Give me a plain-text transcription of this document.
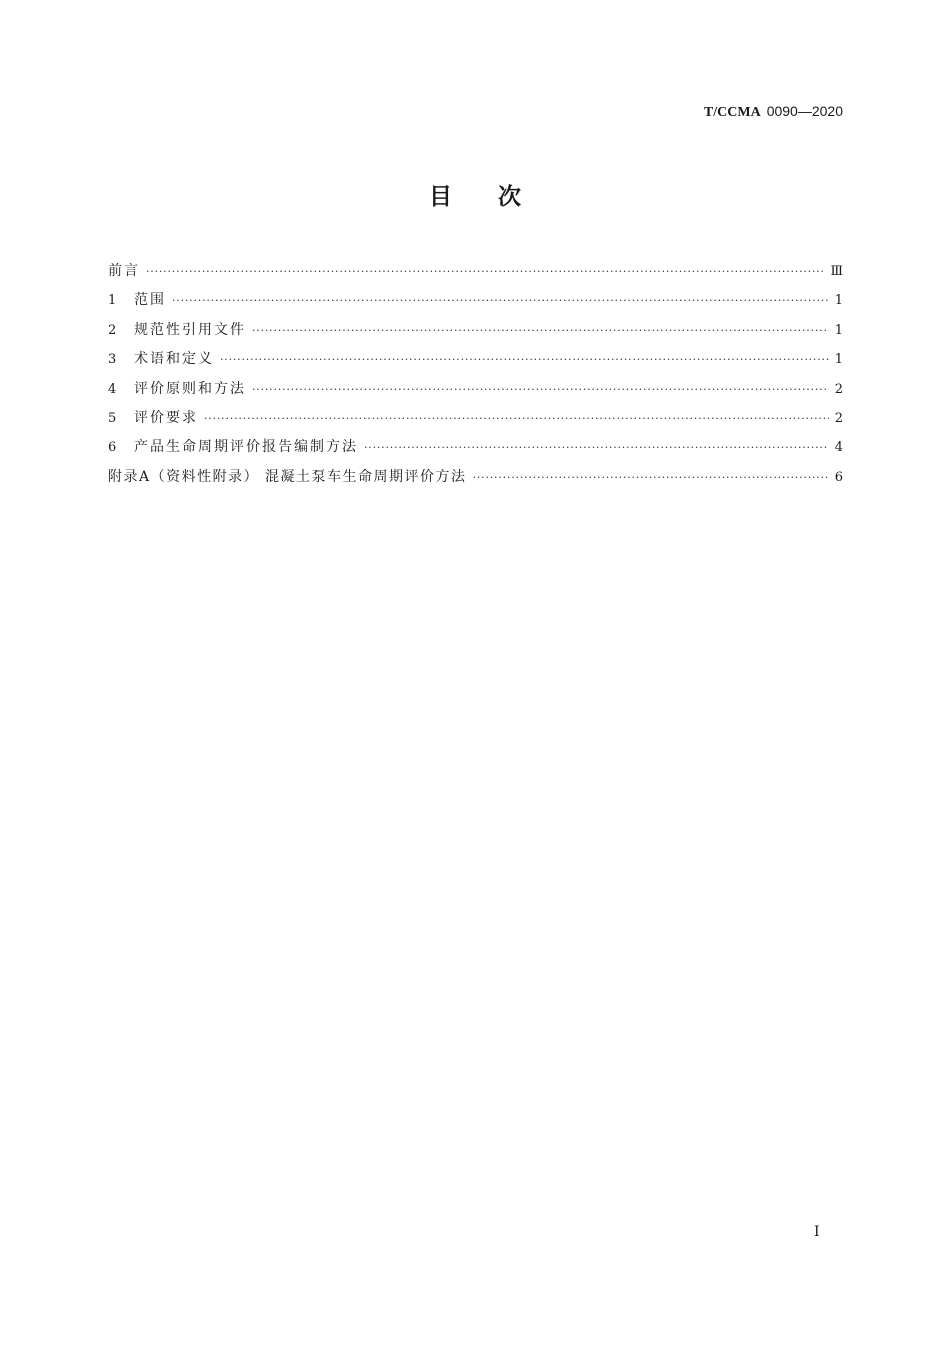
T/CCMA 0090—2020
目次
前言 ·····	Ⅲ
1	范围 ·····	1
2	规范性引用文件 ·····	1
3	术语和定义 ·····	1
4	评价原则和方法 ·····	2
5	评价要求 ·····	2
6	产品生命周期评价报告编制方法 ·····	4
附录A（资料性附录） 混凝土泵车生命周期评价方法 ·····	6
I
